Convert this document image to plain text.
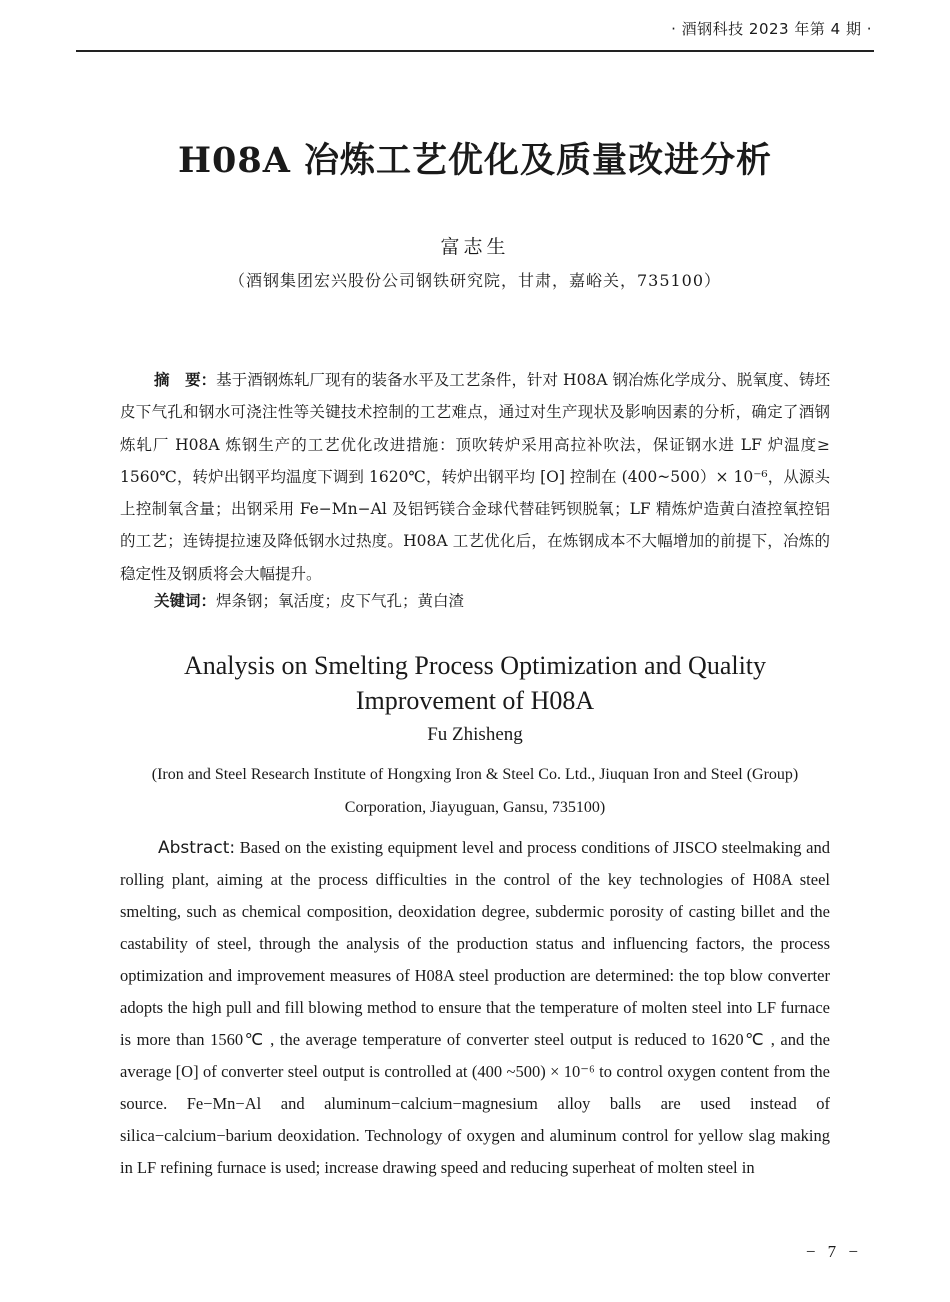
· 酒钢科技 2023 年第 4 期 ·
H08A 冶炼工艺优化及质量改进分析
富志生
（酒钢集团宏兴股份公司钢铁研究院，甘肃，嘉峪关，735100）

摘　要：基于酒钢炼轧厂现有的装备水平及工艺条件，针对 H08A 钢冶炼化学成分、脱氧度、铸坯皮下气孔和钢水可浇注性等关键技术控制的工艺难点，通过对生产现状及影响因素的分析，确定了酒钢炼轧厂 H08A 炼钢生产的工艺优化改进措施：顶吹转炉采用高拉补吹法，保证钢水进 LF 炉温度≥ 1560℃，转炉出钢平均温度下调到 1620℃，转炉出钢平均 [O] 控制在 (400~500）× 10⁻⁶，从源头上控制氧含量；出钢采用 Fe−Mn−Al 及铝钙镁合金球代替硅钙钡脱氧；LF 精炼炉造黄白渣控氧控铝的工艺；连铸提拉速及降低钢水过热度。H08A 工艺优化后，在炼钢成本不大幅增加的前提下，冶炼的稳定性及钢质将会大幅提升。

关键词：焊条钢；氧活度；皮下气孔；黄白渣
Analysis on Smelting Process Optimization and Quality
Improvement of H08A
Fu Zhisheng
(Iron and Steel Research Institute of Hongxing Iron & Steel Co. Ltd., Jiuquan Iron and Steel (Group) Corporation, Jiayuguan, Gansu, 735100)

Abstract: Based on the existing equipment level and process conditions of JISCO steelmaking and rolling plant, aiming at the process difficulties in the control of the key technologies of H08A steel smelting, such as chemical composition, deoxidation degree, subdermic porosity of casting billet and the castability of steel, through the analysis of the production status and influencing factors, the process optimization and improvement measures of H08A steel production are determined: the top blow converter adopts the high pull and fill blowing method to ensure that the temperature of molten steel into LF furnace is more than 1560℃ , the average temperature of converter steel output is reduced to 1620℃ , and the average [O] of converter steel output is controlled at (400 ~500) × 10⁻⁶ to control oxygen content from the source. Fe−Mn−Al and aluminum−calcium−magnesium alloy balls are used instead of silica−calcium−barium deoxidation. Technology of oxygen and aluminum control for yellow slag making in LF refining furnace is used; increase drawing speed and reducing superheat of molten steel in

− 7 −
